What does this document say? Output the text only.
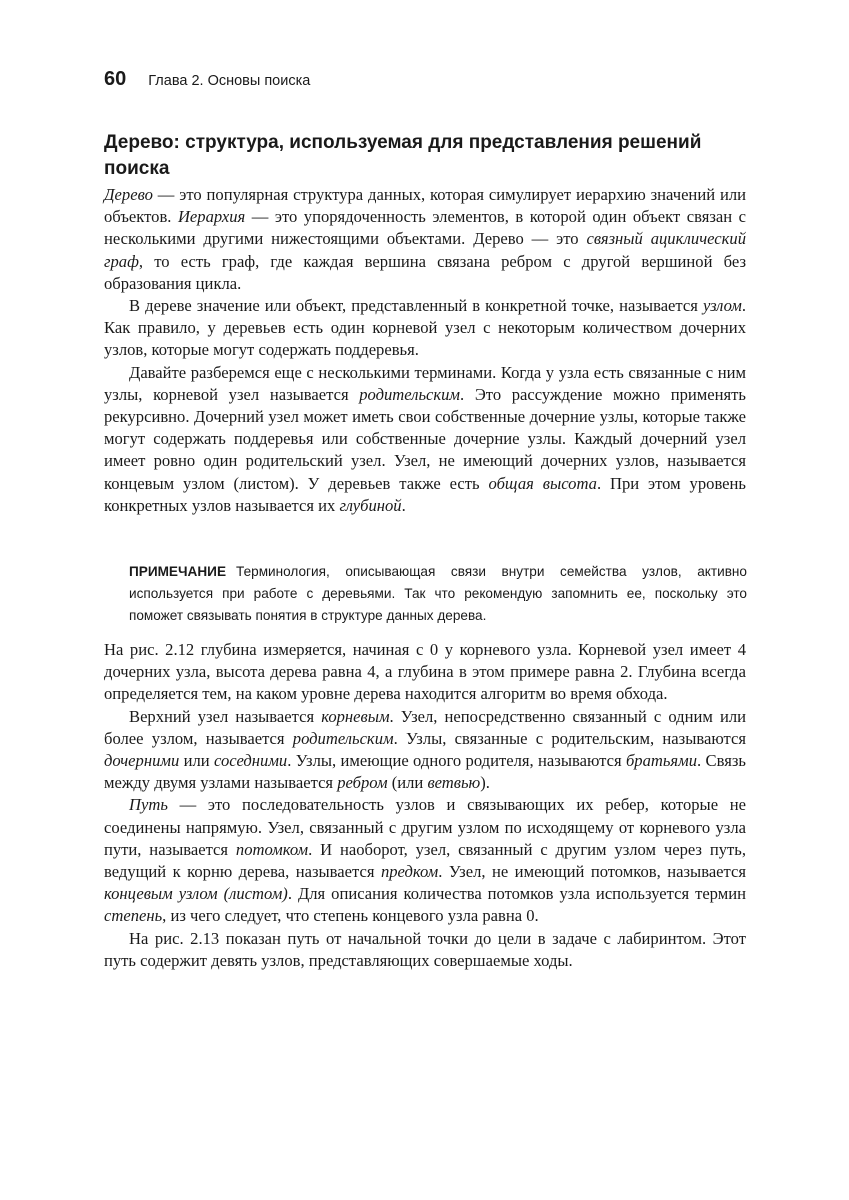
60 Глава 2. Основы поиска
Дерево: структура, используемая для представления решений поиска

Дерево — это популярная структура данных, которая симулирует иерархию значений или объектов. Иерархия — это упорядоченность элементов, в которой один объект связан с несколькими другими нижестоящими объектами. Дерево — это связный ациклический граф, то есть граф, где каждая вершина связана ребром с другой вершиной без образования цикла.

В дереве значение или объект, представленный в конкретной точке, называется узлом. Как правило, у деревьев есть один корневой узел с некоторым количеством дочерних узлов, которые могут содержать поддеревья.

Давайте разберемся еще с несколькими терминами. Когда у узла есть связанные с ним узлы, корневой узел называется родительским. Это рассуждение можно применять рекурсивно. Дочерний узел может иметь свои собственные дочерние узлы, которые также могут содержать поддеревья или собственные дочерние узлы. Каждый дочерний узел имеет ровно один родительский узел. Узел, не имеющий дочерних узлов, называется концевым узлом (листом). У деревьев также есть общая высота. При этом уровень конкретных узлов называется их глубиной.

ПРИМЕЧАНИЕ Терминология, описывающая связи внутри семейства узлов, активно используется при работе с деревьями. Так что рекомендую запомнить ее, поскольку это поможет связывать понятия в структуре данных дерева.

На рис. 2.12 глубина измеряется, начиная с 0 у корневого узла. Корневой узел имеет 4 дочерних узла, высота дерева равна 4, а глубина в этом примере равна 2. Глубина всегда определяется тем, на каком уровне дерева находится алгоритм во время обхода.

Верхний узел называется корневым. Узел, непосредственно связанный с одним или более узлом, называется родительским. Узлы, связанные с родительским, называются дочерними или соседними. Узлы, имеющие одного родителя, называются братьями. Связь между двумя узлами называется ребром (или ветвью).

Путь — это последовательность узлов и связывающих их ребер, которые не соединены напрямую. Узел, связанный с другим узлом по исходящему от корневого узла пути, называется потомком. И наоборот, узел, связанный с другим узлом через путь, ведущий к корню дерева, называется предком. Узел, не имеющий потомков, называется концевым узлом (листом). Для описания количества потомков узла используется термин степень, из чего следует, что степень концевого узла равна 0.

На рис. 2.13 показан путь от начальной точки до цели в задаче с лабиринтом. Этот путь содержит девять узлов, представляющих совершаемые ходы.
